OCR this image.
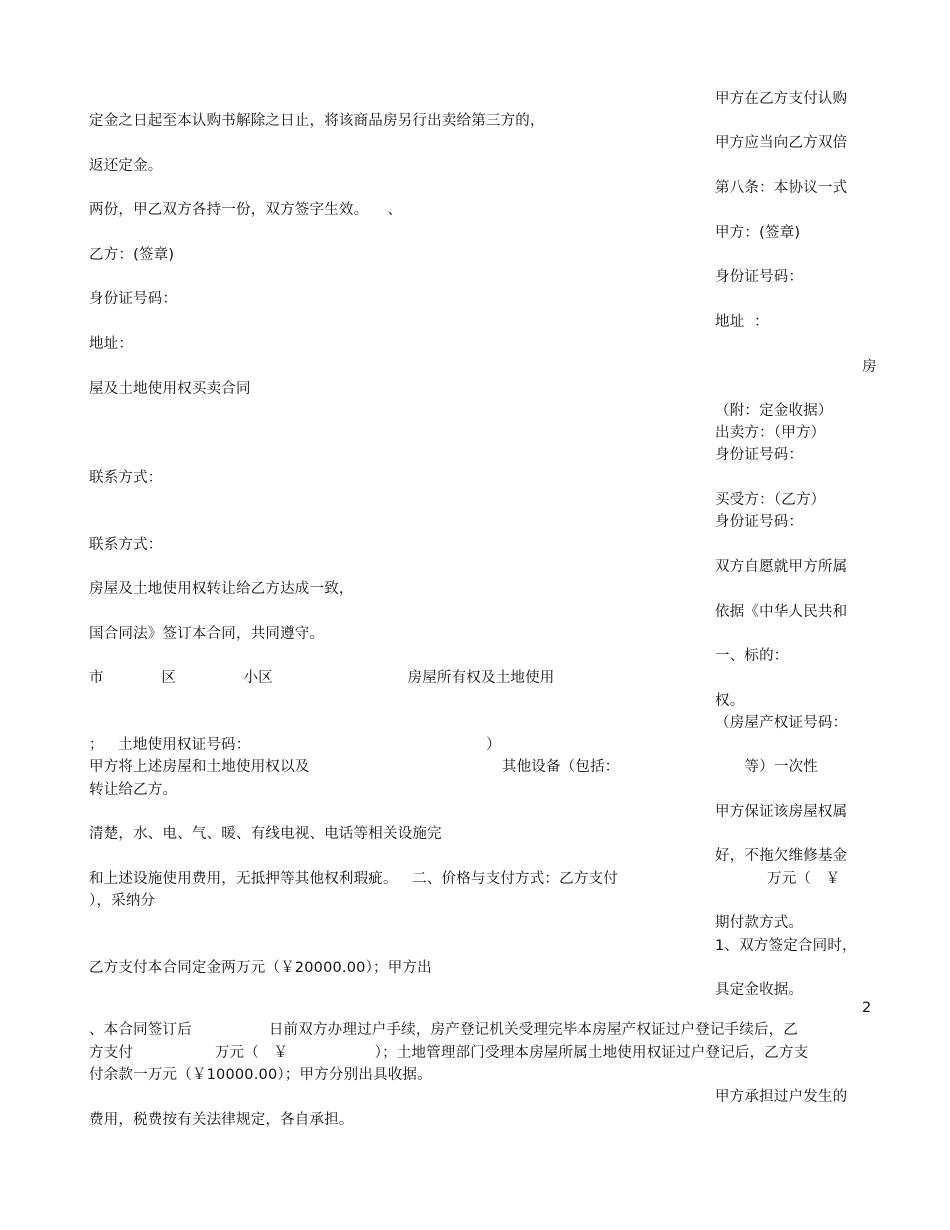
定金之日起至本认购书解除之日止，将该商品房另行出卖给第三方的，
返还定金。
两份，甲乙双方各持一份，双方签字生效。    、
乙方：(签章)
身份证号码：
地址：
屋及土地使用权买卖合同
联系方式：
联系方式：
房屋及土地使用权转让给乙方达成一致，
国合同法》签订本合同，共同遵守。
市            区              小区                            房屋所有权及土地使用
；   土地使用权证号码：                                                 ）
甲方将上述房屋和土地使用权以及                                        其他设备（包括：                          等）一次性
转让给乙方。
清楚，水、电、气、暖、有线电视、电话等相关设施完
和上述设施使用费用，无抵押等其他权利瑕疵。   二、价格与支付方式：乙方支付
），采纳分
乙方支付本合同定金两万元（￥20000.00）；甲方出
、本合同签订后                日前双方办理过户手续，房产登记机关受理完毕本房屋产权证过户登记手续后，乙
方支付                 万元（   ￥                  ）；土地管理部门受理本房屋所属土地使用权证过户登记后，乙方支
付余款一万元（￥10000.00）；甲方分别出具收据。
费用，税费按有关法律规定，各自承担。
甲方在乙方支付认购
甲方应当向乙方双倍
第八条：本协议一式
甲方：(签章)
身份证号码：
地址  ：
房
（附：定金收据）
出卖方：（甲方）
身份证号码：
买受方：（乙方）
身份证号码：
双方自愿就甲方所属
依据《中华人民共和
一、标的：
权。
（房屋产权证号码：
好，不拖欠维修基金
万元（   ￥
期付款方式。
1、双方签定合同时，
具定金收据。
甲方保证该房屋权属
甲方承担过户发生的
2
